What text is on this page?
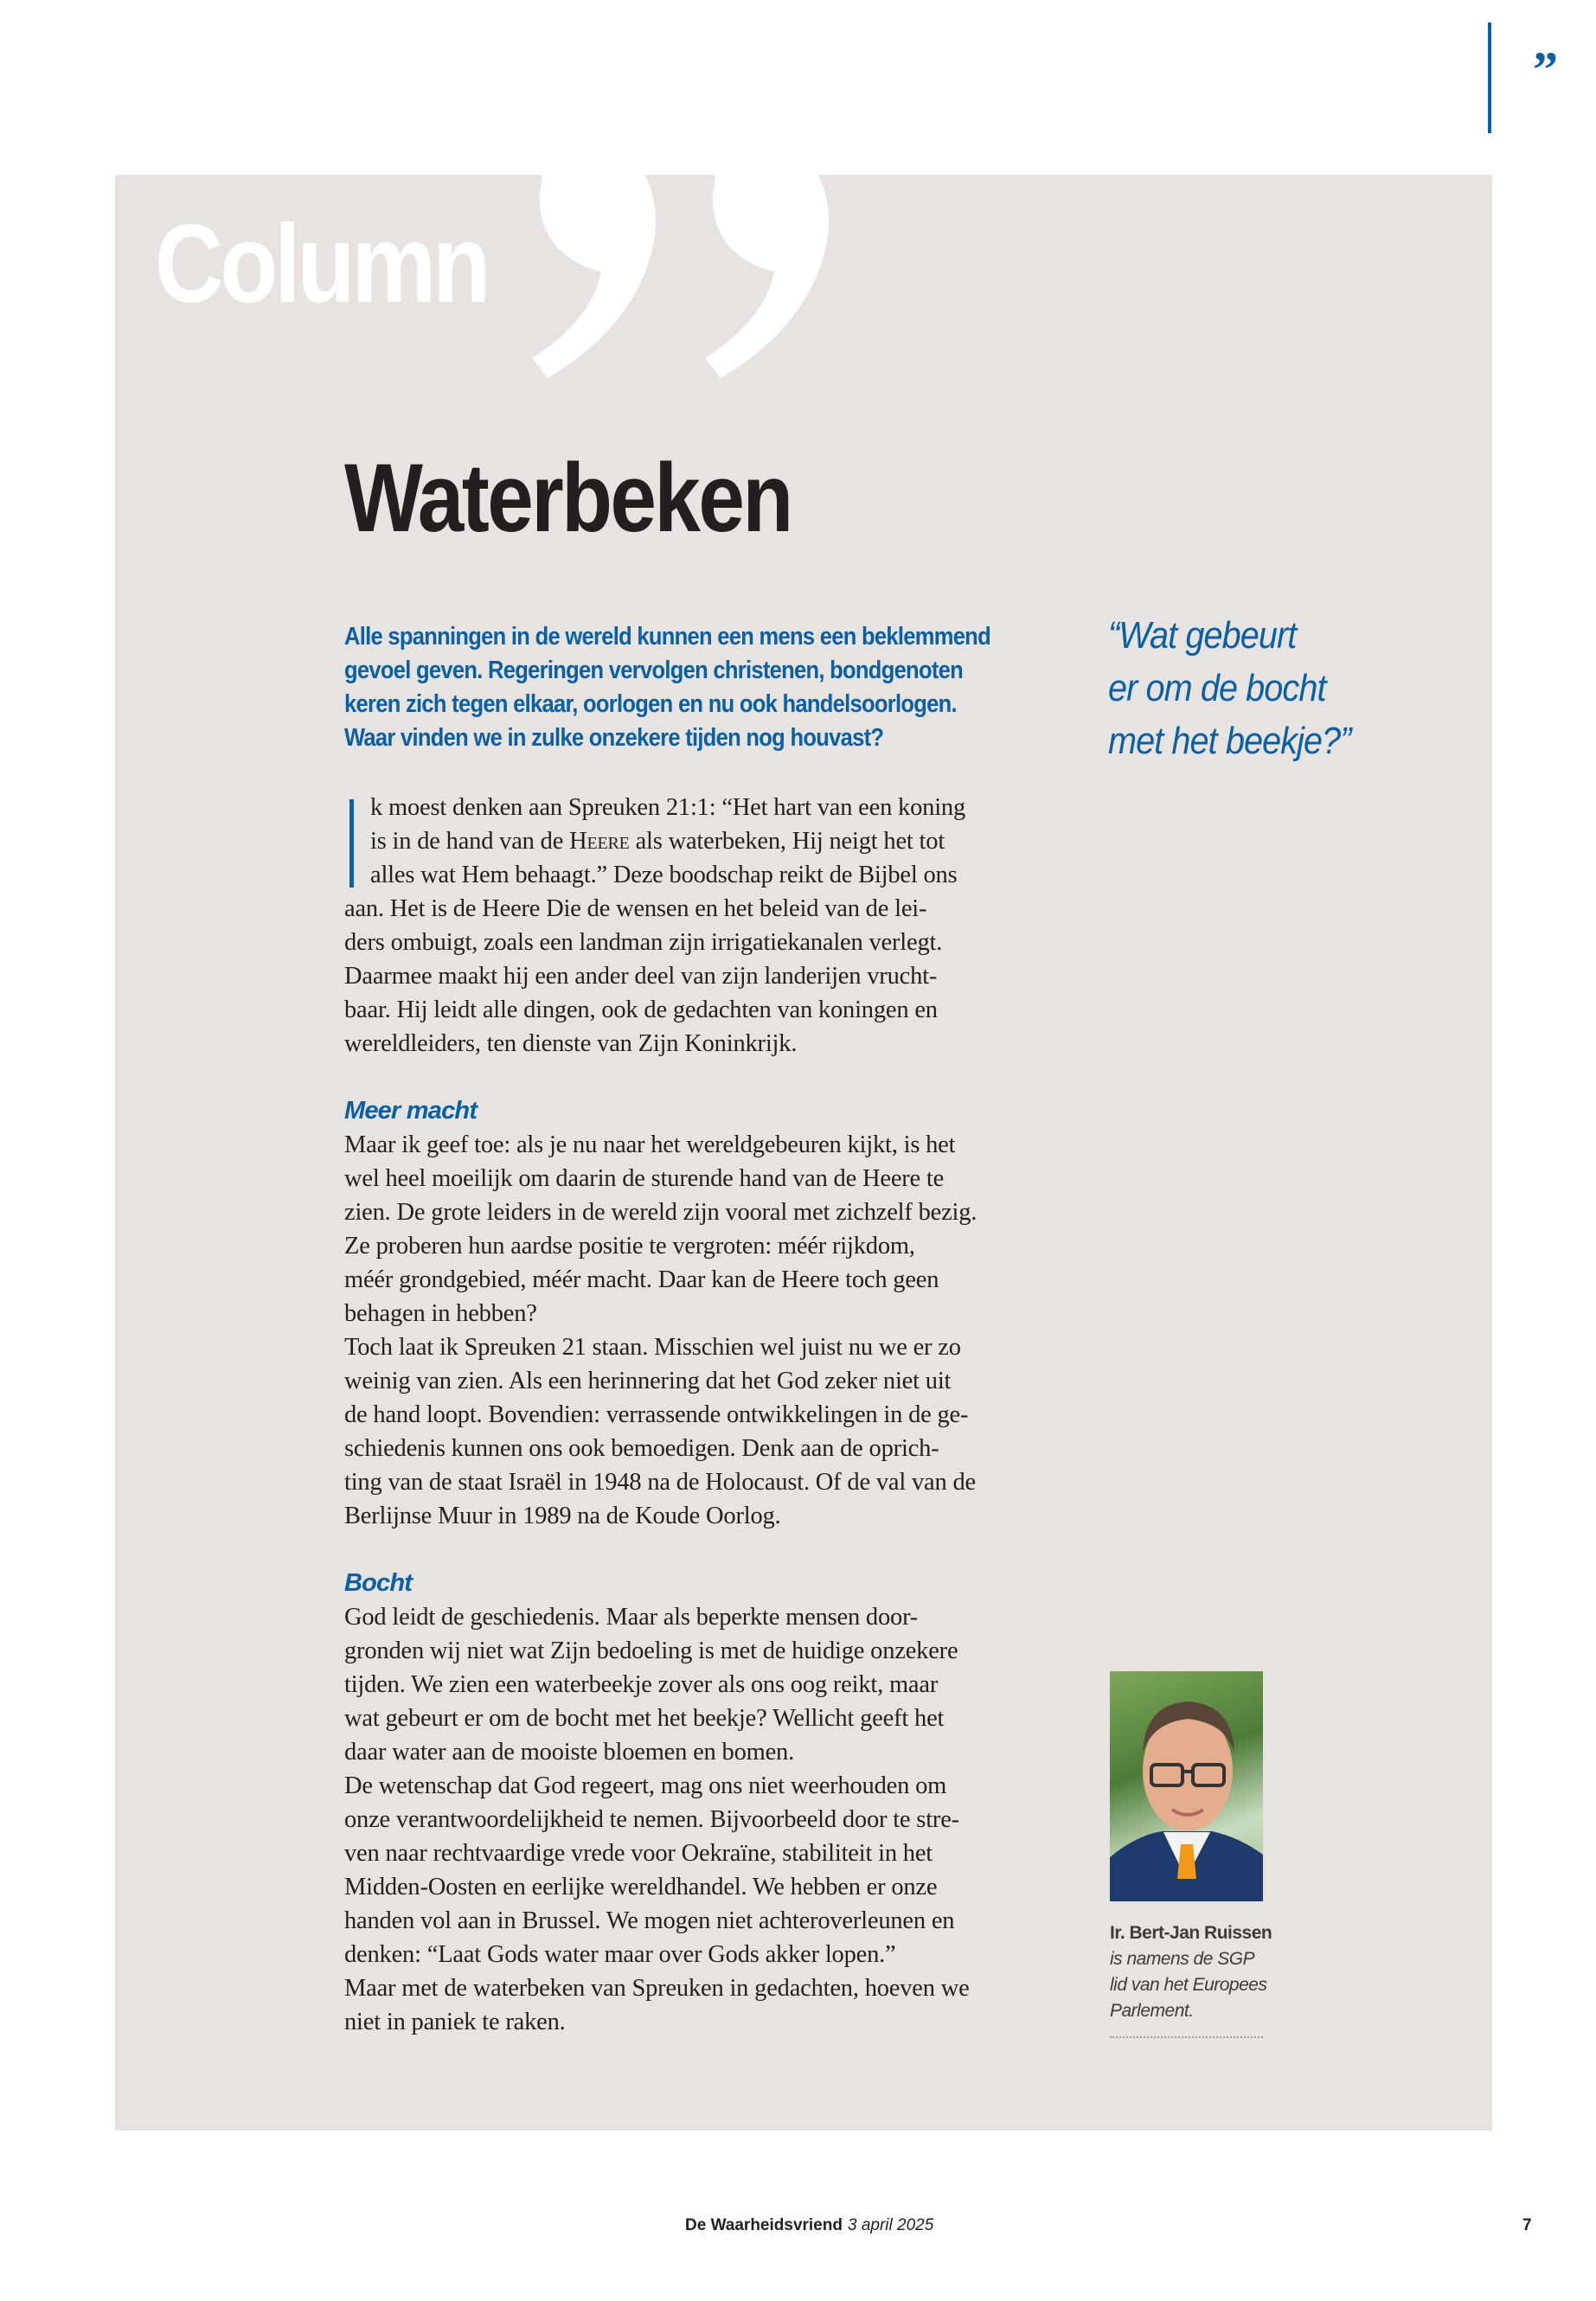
”
Column
Waterbeken
Alle spanningen in de wereld kunnen een mens een beklemmend
gevoel geven. Regeringen vervolgen christenen, bondgenoten
keren zich tegen elkaar, oorlogen en nu ook handelsoorlogen.
Waar vinden we in zulke onzekere tijden nog houvast?
k moest denken aan Spreuken 21:1: “Het hart van een koning
is in de hand van de Heere als waterbeken, Hij neigt het tot
alles wat Hem behaagt.” Deze boodschap reikt de Bijbel ons
aan. Het is de Heere Die de wensen en het beleid van de lei-
ders ombuigt, zoals een landman zijn irrigatiekanalen verlegt.
Daarmee maakt hij een ander deel van zijn landerijen vrucht-
baar. Hij leidt alle dingen, ook de gedachten van koningen en
wereldleiders, ten dienste van Zijn Koninkrijk.
Meer macht
Maar ik geef toe: als je nu naar het wereldgebeuren kijkt, is het
wel heel moeilijk om daarin de sturende hand van de Heere te
zien. De grote leiders in de wereld zijn vooral met zichzelf bezig.
Ze proberen hun aardse positie te vergroten: méér rijkdom,
méér grondgebied, méér macht. Daar kan de Heere toch geen
behagen in hebben?
Toch laat ik Spreuken 21 staan. Misschien wel juist nu we er zo
weinig van zien. Als een herinnering dat het God zeker niet uit
de hand loopt. Bovendien: verrassende ontwikkelingen in de ge-
schiedenis kunnen ons ook bemoedigen. Denk aan de oprich-
ting van de staat Israël in 1948 na de Holocaust. Of de val van de
Berlijnse Muur in 1989 na de Koude Oorlog.
Bocht
God leidt de geschiedenis. Maar als beperkte mensen door-
gronden wij niet wat Zijn bedoeling is met de huidige onzekere
tijden. We zien een waterbeekje zover als ons oog reikt, maar
wat gebeurt er om de bocht met het beekje? Wellicht geeft het
daar water aan de mooiste bloemen en bomen.
De wetenschap dat God regeert, mag ons niet weerhouden om
onze verantwoordelijkheid te nemen. Bijvoorbeeld door te stre-
ven naar rechtvaardige vrede voor Oekraïne, stabiliteit in het
Midden-Oosten en eerlijke wereldhandel. We hebben er onze
handen vol aan in Brussel. We mogen niet achteroverleunen en
denken: “Laat Gods water maar over Gods akker lopen.”
Maar met de waterbeken van Spreuken in gedachten, hoeven we
niet in paniek te raken.
“Wat gebeurt
er om de bocht
met het beekje?”
Ir. Bert-Jan Ruissen
is namens de SGP
lid van het Europees
Parlement.
De Waarheidsvriend 3 april 2025	7
